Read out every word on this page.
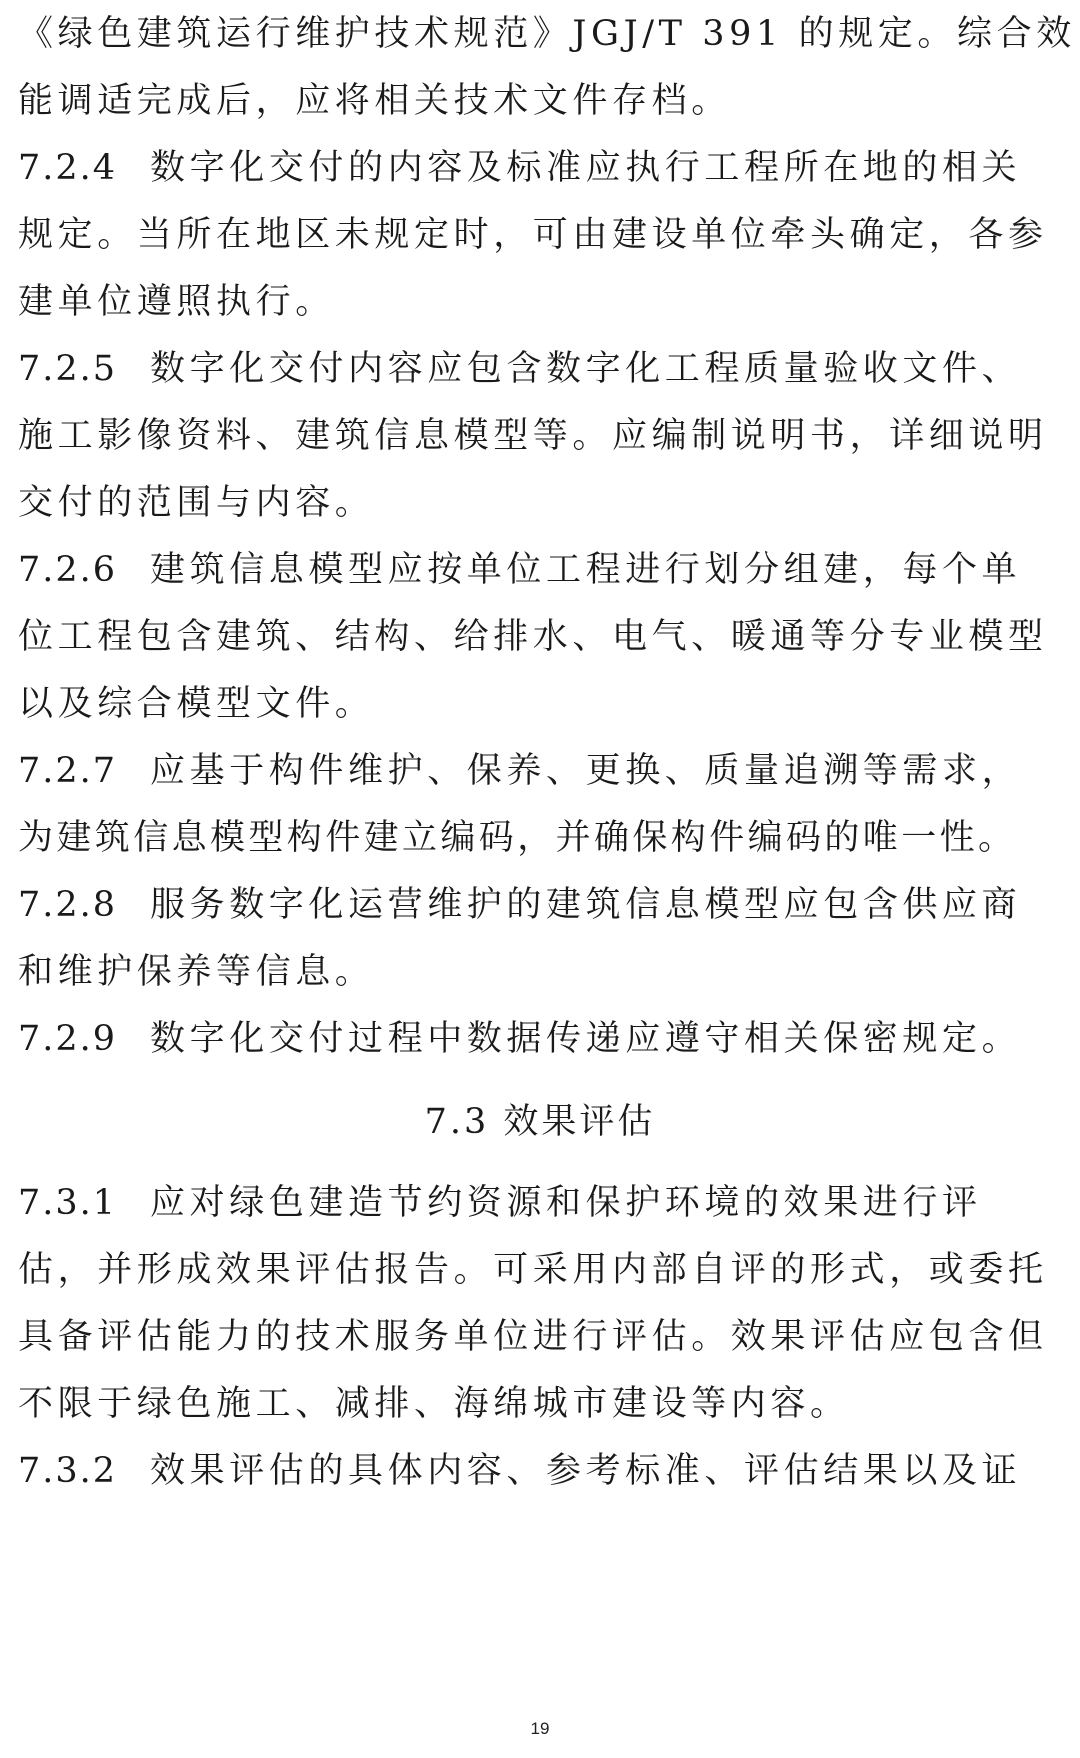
《绿色建筑运行维护技术规范》JGJ/T 391 的规定。综合效
能调适完成后，应将相关技术文件存档。
7.2.4 数字化交付的内容及标准应执行工程所在地的相关
规定。当所在地区未规定时，可由建设单位牵头确定，各参
建单位遵照执行。
7.2.5 数字化交付内容应包含数字化工程质量验收文件、
施工影像资料、建筑信息模型等。应编制说明书，详细说明
交付的范围与内容。
7.2.6 建筑信息模型应按单位工程进行划分组建，每个单
位工程包含建筑、结构、给排水、电气、暖通等分专业模型
以及综合模型文件。
7.2.7 应基于构件维护、保养、更换、质量追溯等需求，
为建筑信息模型构件建立编码，并确保构件编码的唯一性。
7.2.8 服务数字化运营维护的建筑信息模型应包含供应商
和维护保养等信息。
7.2.9 数字化交付过程中数据传递应遵守相关保密规定。
7.3 效果评估
7.3.1 应对绿色建造节约资源和保护环境的效果进行评
估，并形成效果评估报告。可采用内部自评的形式，或委托
具备评估能力的技术服务单位进行评估。效果评估应包含但
不限于绿色施工、减排、海绵城市建设等内容。
7.3.2 效果评估的具体内容、参考标准、评估结果以及证
19
